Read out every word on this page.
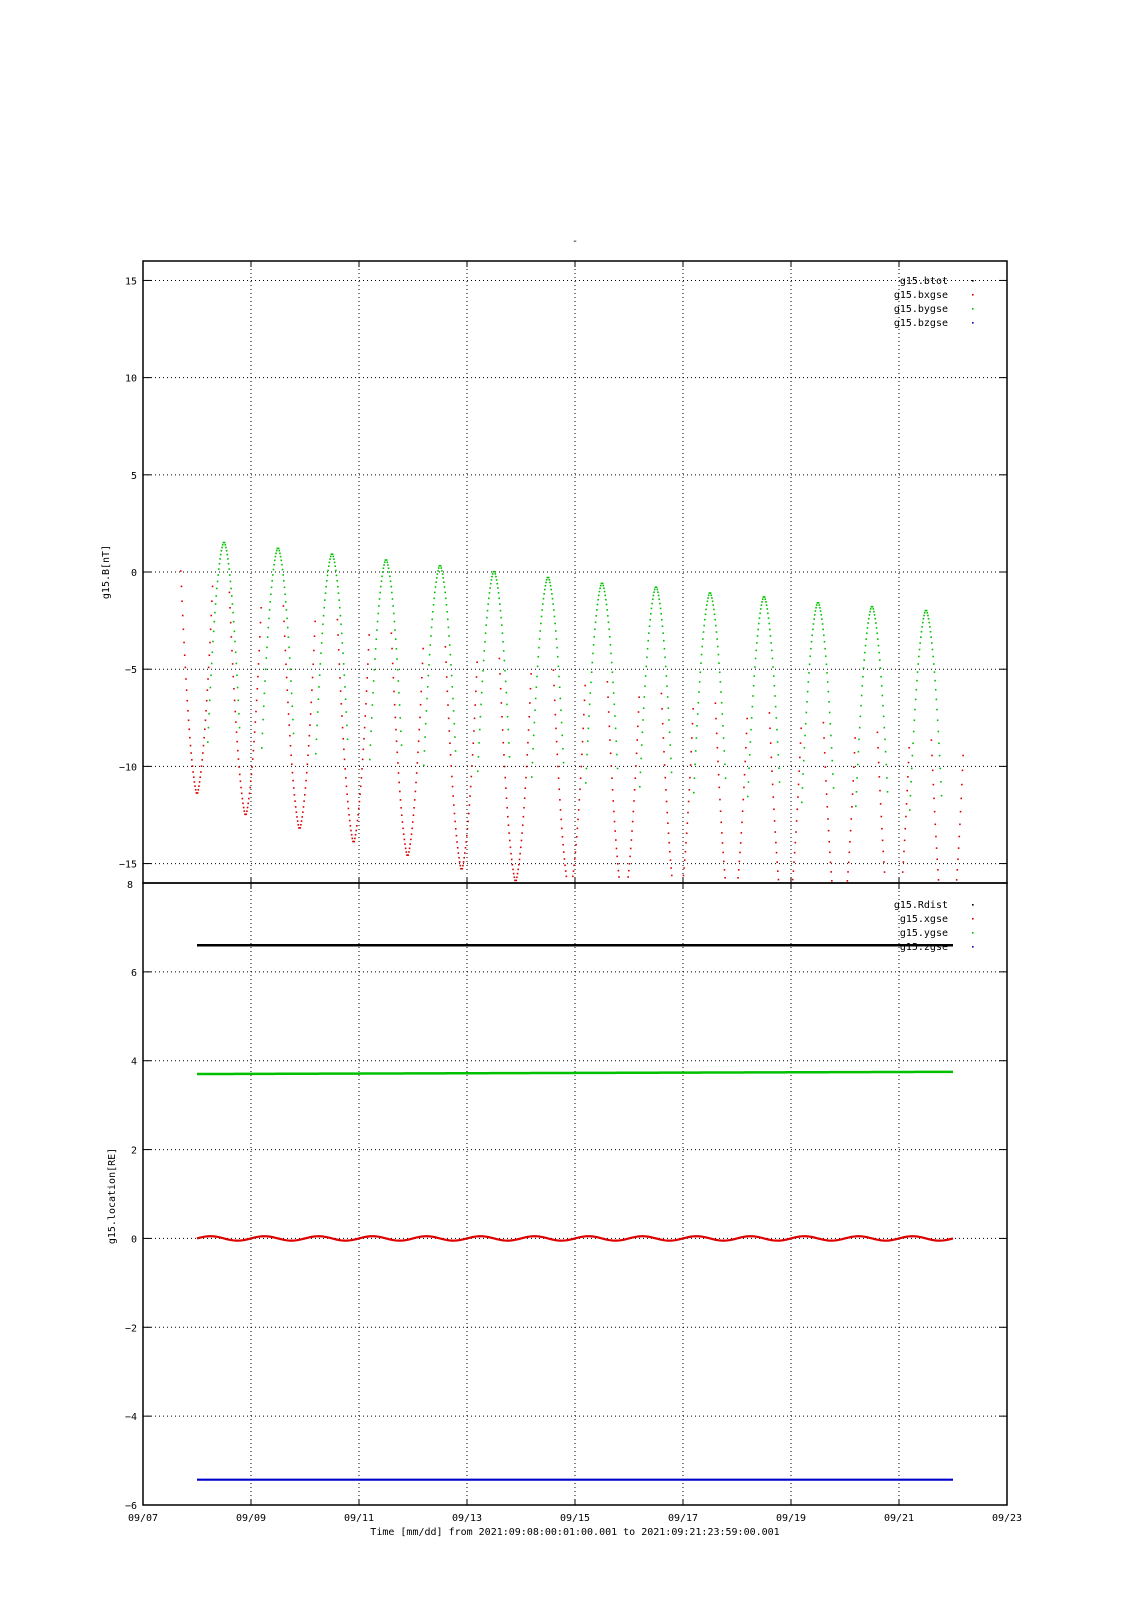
-
15
10
5
0
−5
−10
−15
g15.B[nT]
g15.btot
g15.bxgse
g15.bygse
g15.bzgse
8
6
4
2
0
−2
−4
−6
g15.location[RE]
g15.Rdist
g15.xgse
g15.ygse
g15.zgse
09/07	09/09	09/11	09/13	09/15	09/17	09/19	09/21	09/23
Time [mm/dd] from 2021:09:08:00:01:00.001 to 2021:09:21:23:59:00.001
